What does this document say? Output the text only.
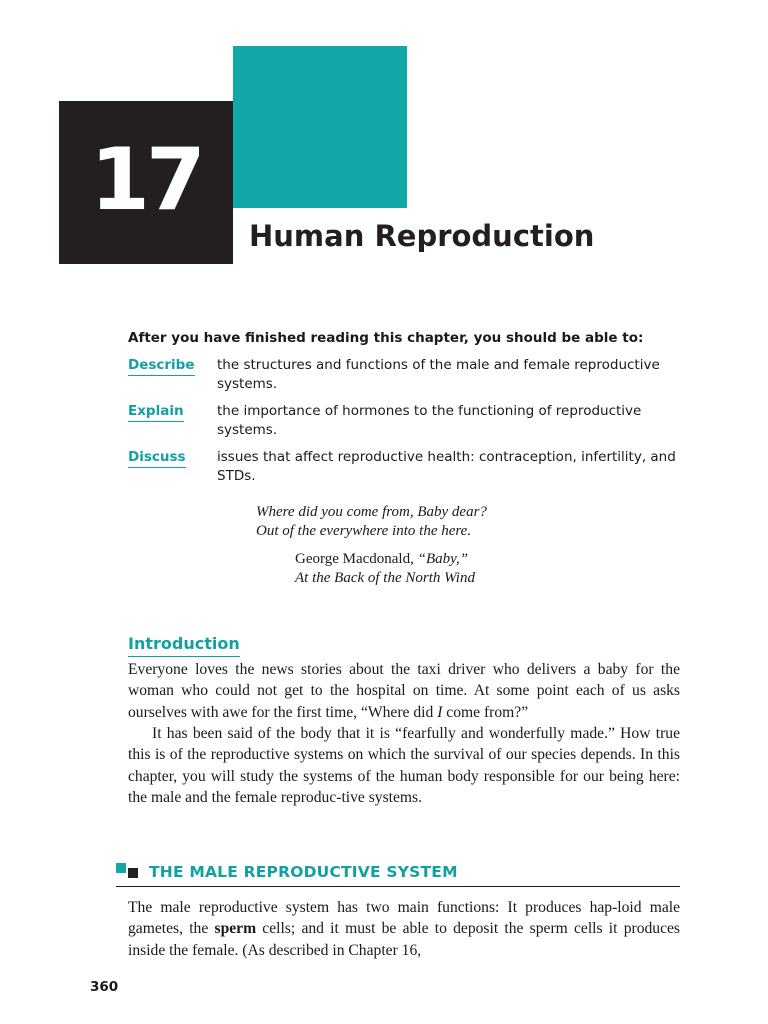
17
Human Reproduction

After you have finished reading this chapter, you should be able to:

Describe the structures and functions of the male and female reproductive systems.
Explain the importance of hormones to the functioning of reproductive systems.
Discuss issues that affect reproductive health: contraception, infertility, and STDs.
Where did you come from, Baby dear?
Out of the everywhere into the here.
George Macdonald, “Baby,”
At the Back of the North Wind
Introduction

Everyone loves the news stories about the taxi driver who delivers a baby for the woman who could not get to the hospital on time. At some point each of us asks ourselves with awe for the first time, “Where did I come from?”

It has been said of the body that it is “fearfully and wonderfully made.” How true this is of the reproductive systems on which the survival of our species depends. In this chapter, you will study the systems of the human body responsible for our being here: the male and the female reproduc-tive systems.

THE MALE REPRODUCTIVE SYSTEM

The male reproductive system has two main functions: It produces hap-loid male gametes, the sperm cells; and it must be able to deposit the sperm cells it produces inside the female. (As described in Chapter 16,

360
